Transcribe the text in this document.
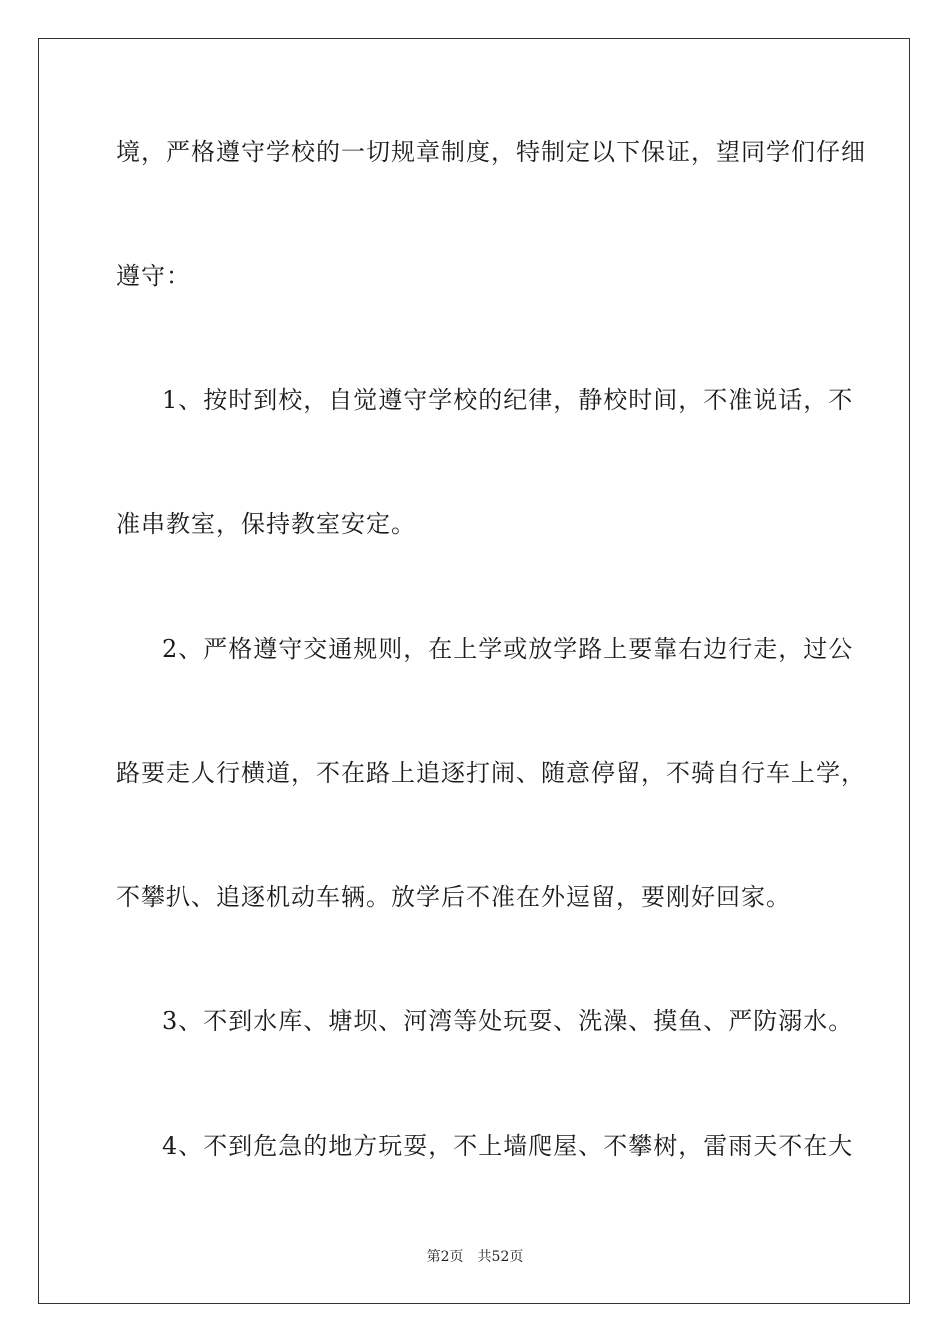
境，严格遵守学校的一切规章制度，特制定以下保证，望同学们仔细
遵守：
1、按时到校，自觉遵守学校的纪律，静校时间，不准说话，不
准串教室，保持教室安定。
2、严格遵守交通规则，在上学或放学路上要靠右边行走，过公
路要走人行横道，不在路上追逐打闹、随意停留，不骑自行车上学，
不攀扒、追逐机动车辆。放学后不准在外逗留，要刚好回家。
3、不到水库、塘坝、河湾等处玩耍、洗澡、摸鱼、严防溺水。
4、不到危急的地方玩耍，不上墙爬屋、不攀树，雷雨天不在大
第2页 共52页
